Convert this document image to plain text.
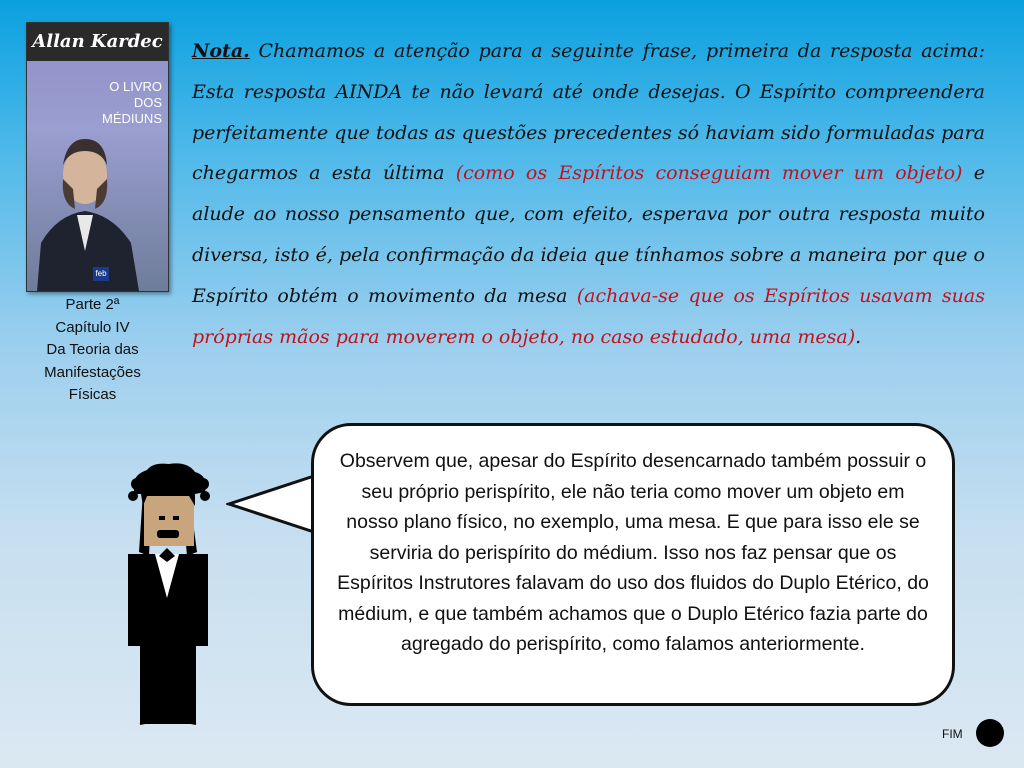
Allan Kardec
O LIVRO
DOS
MÉDIUNS
feb
Parte 2ª
Capítulo IV
Da Teoria das
Manifestações
Físicas

Nota. Chamamos a atenção para a seguinte frase, primeira da resposta acima: Esta resposta AINDA te não levará até onde desejas. O Espírito compreendera perfeitamente que todas as questões precedentes só haviam sido formuladas para chegarmos a esta última (como os Espíritos conseguiam mover um objeto) e alude ao nosso pensamento que, com efeito, esperava por outra resposta muito diversa, isto é, pela confirmação da ideia que tínhamos sobre a maneira por que o Espírito obtém o movimento da mesa (achava-se que os Espíritos usavam suas próprias mãos para moverem o objeto, no caso estudado, uma mesa).

Observem que, apesar do Espírito desencarnado também possuir o seu próprio perispírito, ele não teria como mover um objeto em nosso plano físico, no exemplo, uma mesa. E que para isso ele se serviria do perispírito do médium. Isso nos faz pensar que os Espíritos Instrutores falavam do uso dos fluidos do Duplo Etérico, do médium, e que também achamos que o Duplo Etérico fazia parte do agregado do perispírito, como falamos anteriormente.
FIM
